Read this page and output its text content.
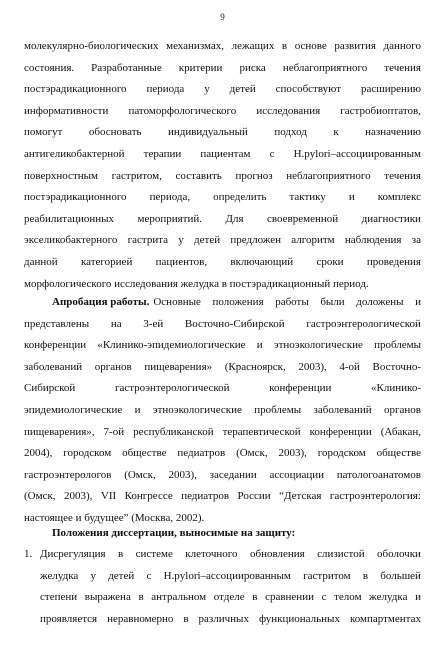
9
молекулярно-биологических механизмах, лежащих в основе развития данного
состояния. Разработанные критерии риска неблагоприятного течения
постэрадикационного периода у детей способствуют расширению
информативности патоморфологического исследования гастробиоптатов,
помогут обосновать индивидуальный подход к назначению
антигеликобактерной терапии пациентам с H.pylori–ассоциированным
поверхностным гастритом, составить прогноз неблагоприятного течения
постэрадикационного периода, определить тактику и комплекс
реабилитационных мероприятий. Для своевременной диагностики
экселикобактерного гастрита у детей предложен алгоритм наблюдения за
данной категорией пациентов, включающий сроки проведения
морфологического исследования желудка в постэрадикационный период.
Апробация работы. Основные положения работы были доложены и
представлены на 3-ей Восточно-Сибирской гастроэнтерологической
конференции «Клинико-эпидемиологические и этноэкологические проблемы
заболеваний органов пищеварения» (Красноярск, 2003), 4-ой Восточно-
Сибирской	гастроэнтерологической	конференции	«Клинико-
эпидемиологические и этноэкологические проблемы заболеваний органов
пищеварения», 7-ой республиканской терапевтической конференции (Абакан,
2004), городском обществе педиатров (Омск, 2003), городском обществе
гастроэнтерологов (Омск, 2003), заседании ассоциации патологоанатомов
(Омск, 2003), VII Конгрессе педиатров России “Детская гастроэнтерология:
настоящее и будущее” (Москва, 2002).
Положения диссертации, выносимые на защиту:
1. Дисрегуляция в системе клеточного обновления слизистой оболочки
желудка у детей с H.pylori–ассоциированным гастритом в большей
степени выражена в антральном отделе в сравнении с телом желудка и
проявляется неравномерно в различных функциональных компартментах
